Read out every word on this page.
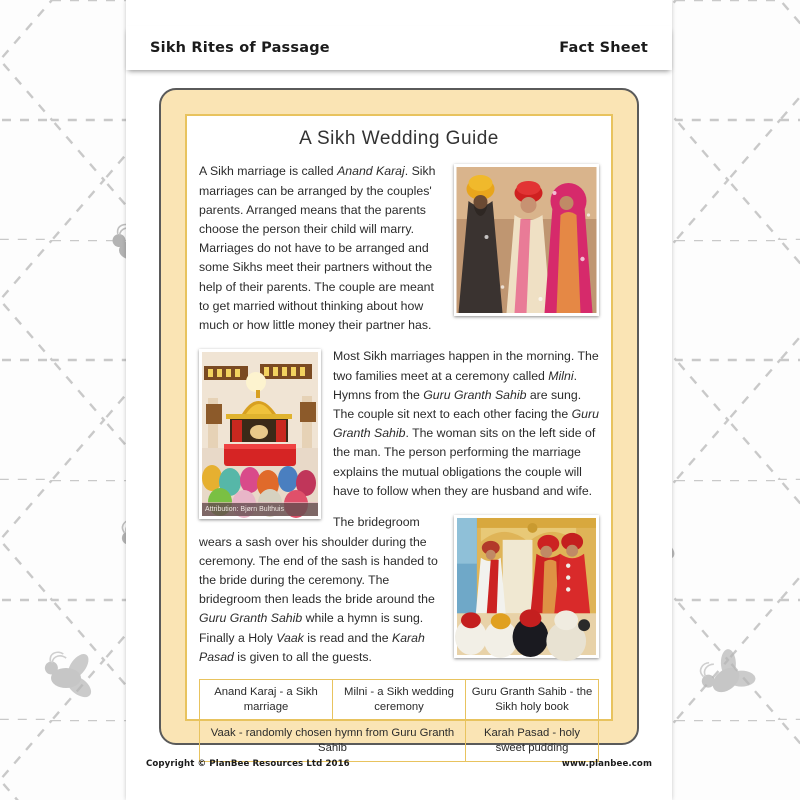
Sikh Rites of Passage	Fact Sheet
A Sikh Wedding Guide

A Sikh marriage is called Anand Karaj. Sikh marriages can be arranged by the couples' parents. Arranged means that the parents choose the person their child will marry. Marriages do not have to be arranged and some Sikhs meet their partners without the help of their parents. The couple are meant to get married without thinking about how much or how little money their partner has.

Attribution: Bjørn Bulthuis

Most Sikh marriages happen in the morning. The two families meet at a ceremony called Milni. Hymns from the Guru Granth Sahib are sung. The couple sit next to each other facing the Guru Granth Sahib. The woman sits on the left side of the man. The person performing the marriage explains the mutual obligations the couple will have to follow when they are husband and wife.

The bridegroom wears a sash over his shoulder during the ceremony. The end of the sash is handed to the bride during the ceremony. The bridegroom then leads the bride around the Guru Granth Sahib while a hymn is sung. Finally a Holy Vaak is read and the Karah Pasad is given to all the guests.

Anand Karaj - a Sikh marriage	Milni - a Sikh wedding ceremony	Guru Granth Sahib - the Sikh holy book
Vaak - randomly chosen hymn from Guru Granth Sahib		Karah Pasad - holy sweet pudding
Copyright © PlanBee Resources Ltd 2016	www.planbee.com
